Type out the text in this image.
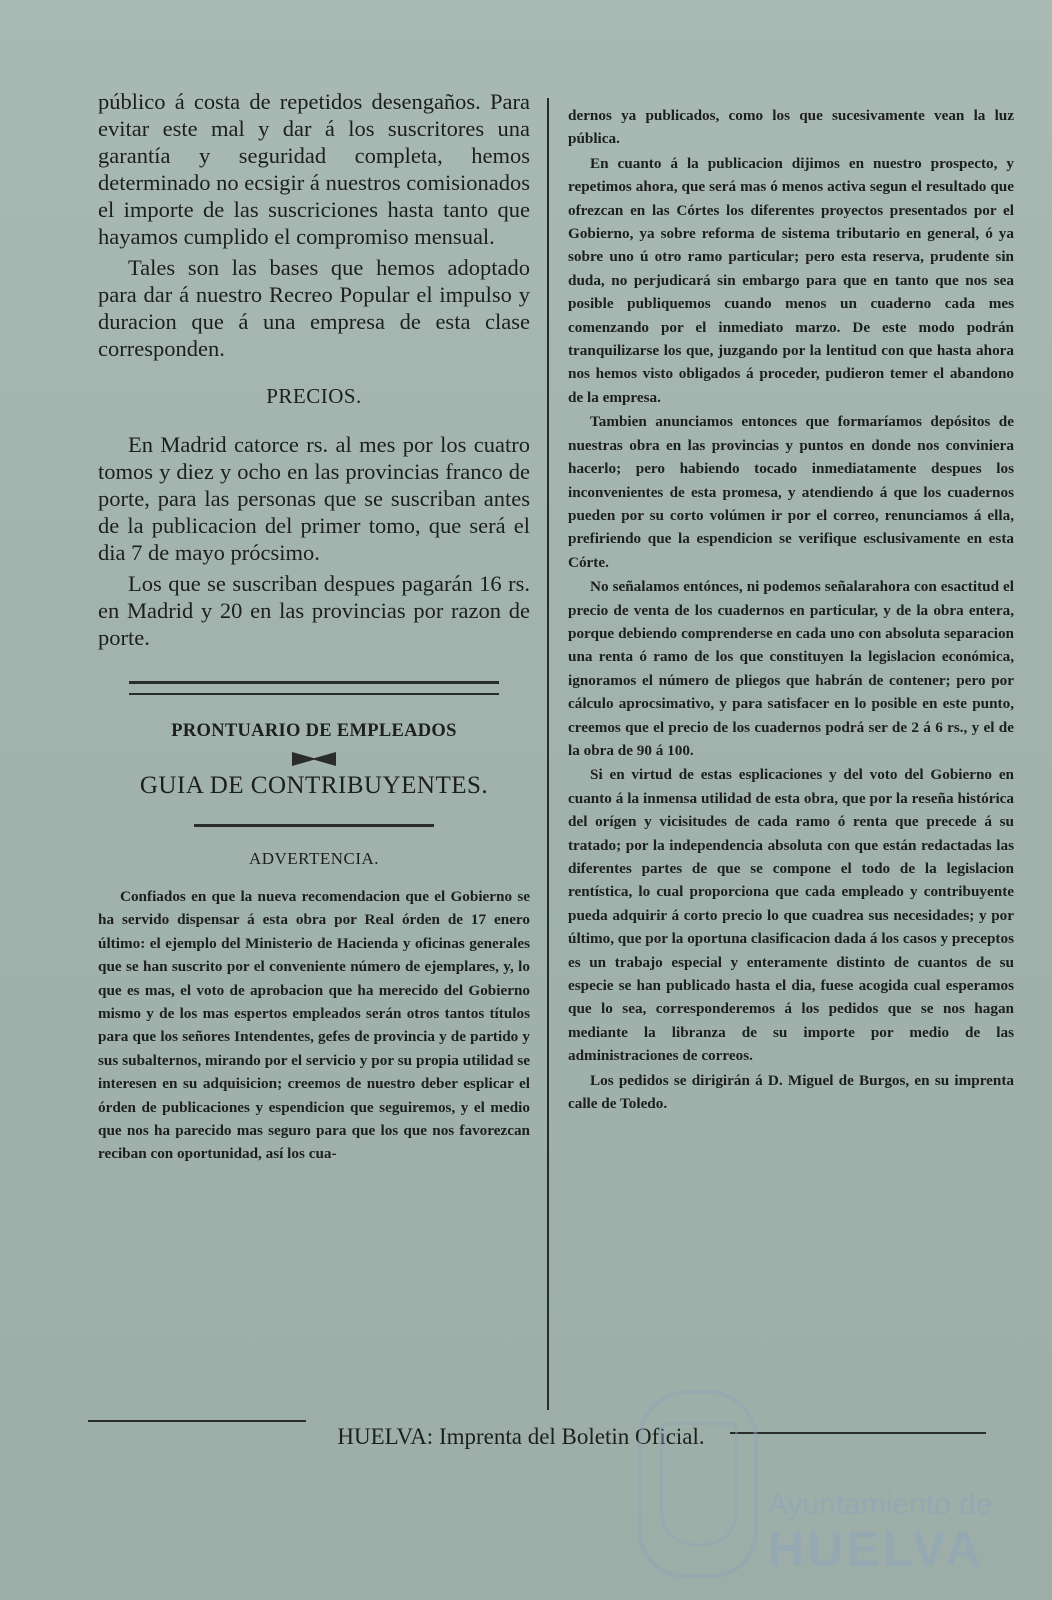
público á costa de repetidos desengaños. Para evitar este mal y dar á los suscritores una garantía y seguridad completa, hemos determinado no ecsigir á nuestros comisionados el importe de las suscriciones hasta tanto que hayamos cumplido el compromiso mensual.

Tales son las bases que hemos adoptado para dar á nuestro Recreo Popular el impulso y duracion que á una empresa de esta clase corresponden.

PRECIOS.

En Madrid catorce rs. al mes por los cuatro tomos y diez y ocho en las provincias franco de porte, para las personas que se suscriban antes de la publicacion del primer tomo, que será el dia 7 de mayo prócsimo.

Los que se suscriban despues pagarán 16 rs. en Madrid y 20 en las provincias por razon de porte.

PRONTUARIO DE EMPLEADOS
GUIA DE CONTRIBUYENTES.
ADVERTENCIA.

Confiados en que la nueva recomendacion que el Gobierno se ha servido dispensar á esta obra por Real órden de 17 enero último: el ejemplo del Ministerio de Hacienda y oficinas generales que se han suscrito por el conveniente número de ejemplares, y, lo que es mas, el voto de aprobacion que ha merecido del Gobierno mismo y de los mas espertos empleados serán otros tantos títulos para que los señores Intendentes, gefes de provincia y de partido y sus subalternos, mirando por el servicio y por su propia utilidad se interesen en su adquisicion; creemos de nuestro deber esplicar el órden de publicaciones y espendicion que seguiremos, y el medio que nos ha parecido mas seguro para que los que nos favorezcan reciban con oportunidad, así los cua-

dernos ya publicados, como los que sucesivamente vean la luz pública.

En cuanto á la publicacion dijimos en nuestro prospecto, y repetimos ahora, que será mas ó menos activa segun el resultado que ofrezcan en las Córtes los diferentes proyectos presentados por el Gobierno, ya sobre reforma de sistema tributario en general, ó ya sobre uno ú otro ramo particular; pero esta reserva, prudente sin duda, no perjudicará sin embargo para que en tanto que nos sea posible publiquemos cuando menos un cuaderno cada mes comenzando por el inmediato marzo. De este modo podrán tranquilizarse los que, juzgando por la lentitud con que hasta ahora nos hemos visto obligados á proceder, pudieron temer el abandono de la empresa.

Tambien anunciamos entonces que formaríamos depósitos de nuestras obra en las provincias y puntos en donde nos conviniera hacerlo; pero habiendo tocado inmediatamente despues los inconvenientes de esta promesa, y atendiendo á que los cuadernos pueden por su corto volúmen ir por el correo, renunciamos á ella, prefiriendo que la espendicion se verifique esclusivamente en esta Córte.

No señalamos entónces, ni podemos señalarahora con esactitud el precio de venta de los cuadernos en particular, y de la obra entera, porque debiendo comprenderse en cada uno con absoluta separacion una renta ó ramo de los que constituyen la legislacion económica, ignoramos el número de pliegos que habrán de contener; pero por cálculo aprocsimativo, y para satisfacer en lo posible en este punto, creemos que el precio de los cuadernos podrá ser de 2 á 6 rs., y el de la obra de 90 á 100.

Si en virtud de estas esplicaciones y del voto del Gobierno en cuanto á la inmensa utilidad de esta obra, que por la reseña histórica del orígen y vicisitudes de cada ramo ó renta que precede á su tratado; por la independencia absoluta con que están redactadas las diferentes partes de que se compone el todo de la legislacion rentística, lo cual proporciona que cada empleado y contribuyente pueda adquirir á corto precio lo que cuadrea sus necesidades; y por último, que por la oportuna clasificacion dada á los casos y preceptos es un trabajo especial y enteramente distinto de cuantos de su especie se han publicado hasta el dia, fuese acogida cual esperamos que lo sea, corresponderemos á los pedidos que se nos hagan mediante la libranza de su importe por medio de las administraciones de correos.

Los pedidos se dirigirán á D. Miguel de Burgos, en su imprenta calle de Toledo.

HUELVA: Imprenta del Boletin Oficial.
Ayuntamiento de
HUELVA
